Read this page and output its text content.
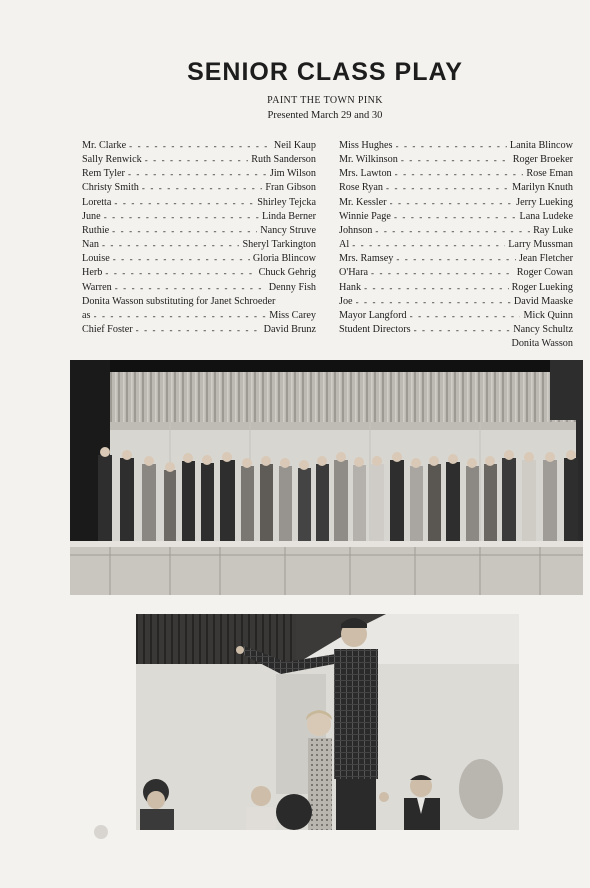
SENIOR CLASS PLAY
PAINT THE TOWN PINK
Presented March 29 and 30
Mr. Clarke - - -	Neil Kaup
Sally Renwick - - -	Ruth Sanderson
Rem Tyler - - -	Jim Wilson
Christy Smith - - -	Fran Gibson
Loretta - - -	Shirley Tejcka
June - - -	Linda Berner
Ruthie - - -	Nancy Struve
Nan - - -	Sheryl Tarkington
Louise - - -	Gloria Blincow
Herb - - -	Chuck Gehrig
Warren - - -	Denny Fish
Donita Wasson substituting for Janet Schroeder
as - - -	Miss Carey
Chief Foster - - -	David Brunz
Miss Hughes - - -	Lanita Blincow
Mr. Wilkinson - - -	Roger Broeker
Mrs. Lawton - - -	Rose Eman
Rose Ryan - - -	Marilyn Knuth
Mr. Kessler - - -	Jerry Lueking
Winnie Page - - -	Lana Ludeke
Johnson - - -	Ray Luke
Al - - -	Larry Mussman
Mrs. Ramsey - - -	Jean Fletcher
O'Hara - - -	Roger Cowan
Hank - - -	Roger Lueking
Joe - - -	David Maaske
Mayor Langford - - -	Mick Quinn
Student Directors - - -	Nancy Schultz
Donita Wasson
